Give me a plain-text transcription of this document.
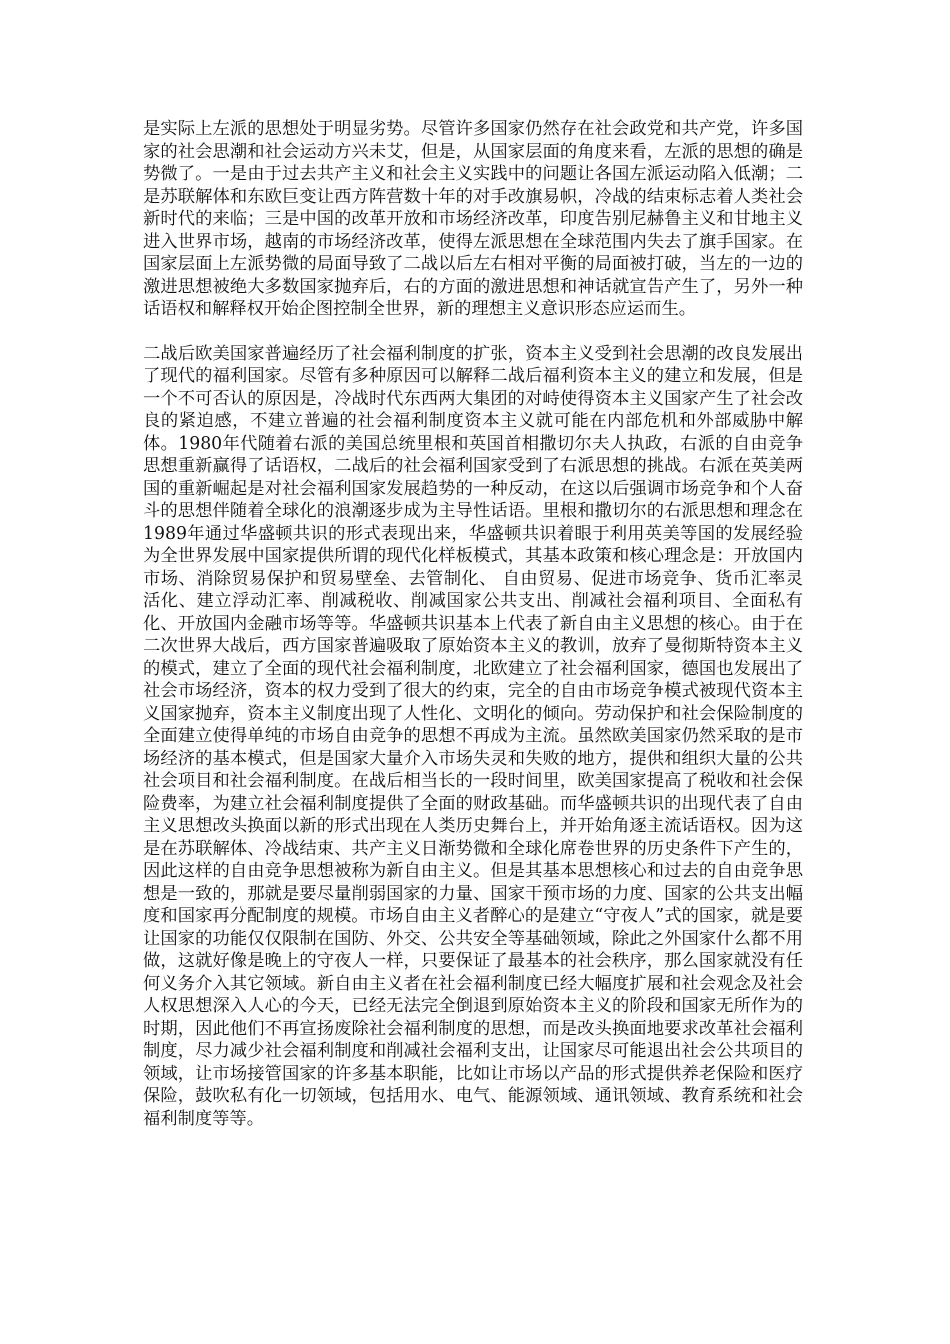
是实际上左派的思想处于明显劣势。尽管许多国家仍然存在社会政党和共产党，许多国家的社会思潮和社会运动方兴未艾，但是，从国家层面的角度来看，左派的思想的确是势微了。一是由于过去共产主义和社会主义实践中的问题让各国左派运动陷入低潮；二是苏联解体和东欧巨变让西方阵营数十年的对手改旗易帜，冷战的结束标志着人类社会新时代的来临；三是中国的改革开放和市场经济改革，印度告别尼赫鲁主义和甘地主义进入世界市场，越南的市场经济改革，使得左派思想在全球范围内失去了旗手国家。在国家层面上左派势微的局面导致了二战以后左右相对平衡的局面被打破，当左的一边的激进思想被绝大多数国家抛弃后，右的方面的激进思想和神话就宣告产生了，另外一种话语权和解释权开始企图控制全世界，新的理想主义意识形态应运而生。

二战后欧美国家普遍经历了社会福利制度的扩张，资本主义受到社会思潮的改良发展出了现代的福利国家。尽管有多种原因可以解释二战后福利资本主义的建立和发展，但是一个不可否认的原因是，冷战时代东西两大集团的对峙使得资本主义国家产生了社会改良的紧迫感，不建立普遍的社会福利制度资本主义就可能在内部危机和外部威胁中解体。1980年代随着右派的美国总统里根和英国首相撒切尔夫人执政，右派的自由竞争思想重新赢得了话语权，二战后的社会福利国家受到了右派思想的挑战。右派在英美两国的重新崛起是对社会福利国家发展趋势的一种反动，在这以后强调市场竞争和个人奋斗的思想伴随着全球化的浪潮逐步成为主导性话语。里根和撒切尔的右派思想和理念在1989年通过华盛顿共识的形式表现出来，华盛顿共识着眼于利用英美等国的发展经验为全世界发展中国家提供所谓的现代化样板模式，其基本政策和核心理念是：开放国内市场、消除贸易保护和贸易壁垒、去管制化、 自由贸易、促进市场竞争、货币汇率灵活化、建立浮动汇率、削减税收、削减国家公共支出、削减社会福利项目、全面私有化、开放国内金融市场等等。华盛顿共识基本上代表了新自由主义思想的核心。由于在二次世界大战后，西方国家普遍吸取了原始资本主义的教训，放弃了曼彻斯特资本主义的模式，建立了全面的现代社会福利制度，北欧建立了社会福利国家，德国也发展出了社会市场经济，资本的权力受到了很大的约束，完全的自由市场竞争模式被现代资本主义国家抛弃，资本主义制度出现了人性化、文明化的倾向。劳动保护和社会保险制度的全面建立使得单纯的市场自由竞争的思想不再成为主流。虽然欧美国家仍然采取的是市场经济的基本模式，但是国家大量介入市场失灵和失败的地方，提供和组织大量的公共社会项目和社会福利制度。在战后相当长的一段时间里，欧美国家提高了税收和社会保险费率，为建立社会福利制度提供了全面的财政基础。而华盛顿共识的出现代表了自由主义思想改头换面以新的形式出现在人类历史舞台上，并开始角逐主流话语权。因为这是在苏联解体、冷战结束、共产主义日渐势微和全球化席卷世界的历史条件下产生的，因此这样的自由竞争思想被称为新自由主义。但是其基本思想核心和过去的自由竞争思想是一致的，那就是要尽量削弱国家的力量、国家干预市场的力度、国家的公共支出幅度和国家再分配制度的规模。市场自由主义者醉心的是建立“守夜人”式的国家，就是要让国家的功能仅仅限制在国防、外交、公共安全等基础领域，除此之外国家什么都不用做，这就好像是晚上的守夜人一样，只要保证了最基本的社会秩序，那么国家就没有任何义务介入其它领域。新自由主义者在社会福利制度已经大幅度扩展和社会观念及社会人权思想深入人心的今天，已经无法完全倒退到原始资本主义的阶段和国家无所作为的时期，因此他们不再宣扬废除社会福利制度的思想，而是改头换面地要求改革社会福利制度，尽力减少社会福利制度和削减社会福利支出，让国家尽可能退出社会公共项目的领域，让市场接管国家的许多基本职能，比如让市场以产品的形式提供养老保险和医疗保险，鼓吹私有化一切领域，包括用水、电气、能源领域、通讯领域、教育系统和社会福利制度等等。
